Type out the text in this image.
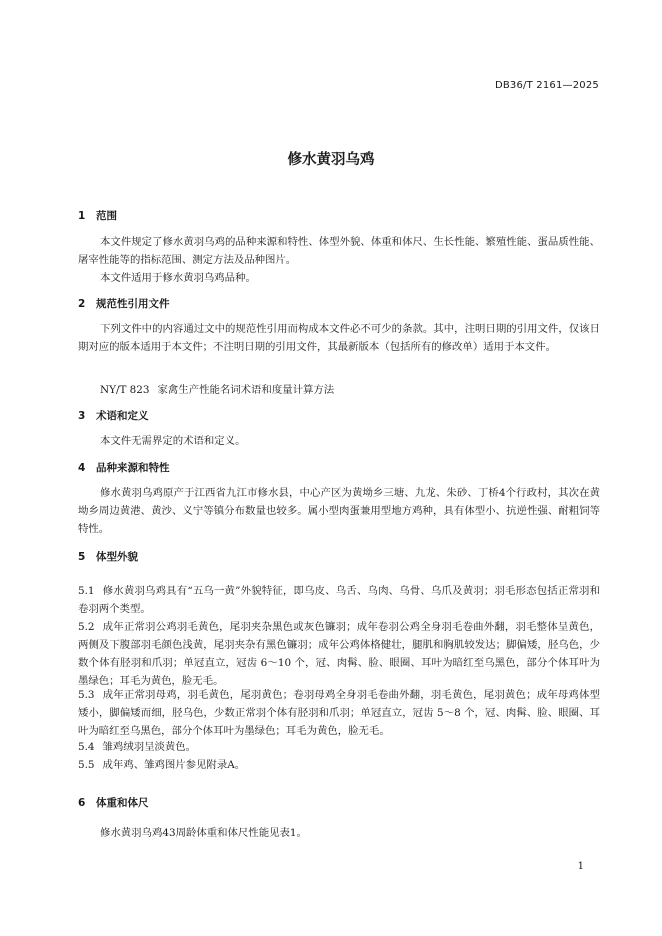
DB36/T 2161—2025
修水黄羽乌鸡
1 范围
本文件规定了修水黄羽乌鸡的品种来源和特性、体型外貌、体重和体尺、生长性能、繁殖性能、蛋品质性能、屠宰性能等的指标范围、测定方法及品种图片。
本文件适用于修水黄羽乌鸡品种。
2 规范性引用文件
下列文件中的内容通过文中的规范性引用而构成本文件必不可少的条款。其中，注明日期的引用文件，仅该日期对应的版本适用于本文件；不注明日期的引用文件，其最新版本（包括所有的修改单）适用于本文件。
NY/T 823 家禽生产性能名词术语和度量计算方法
3 术语和定义
本文件无需界定的术语和定义。
4 品种来源和特性
修水黄羽乌鸡原产于江西省九江市修水县，中心产区为黄坳乡三塘、九龙、朱砂、丁桥4个行政村，其次在黄坳乡周边黄港、黄沙、义宁等镇分布数量也较多。属小型肉蛋兼用型地方鸡种，具有体型小、抗逆性强、耐粗饲等特性。
5 体型外貌
5.1 修水黄羽乌鸡具有“五乌一黄”外貌特征，即乌皮、乌舌、乌肉、乌骨、乌爪及黄羽；羽毛形态包括正常羽和卷羽两个类型。
5.2 成年正常羽公鸡羽毛黄色，尾羽夹杂黑色或灰色镰羽；成年卷羽公鸡全身羽毛卷曲外翻，羽毛整体呈黄色，两侧及下腹部羽毛颜色浅黄，尾羽夹杂有黑色镰羽；成年公鸡体格健壮，腿肌和胸肌较发达；脚偏矮，胫乌色，少数个体有胫羽和爪羽；单冠直立，冠齿 6～10 个，冠、肉髯、脸、眼圈、耳叶为暗红至乌黑色，部分个体耳叶为墨绿色；耳毛为黄色，脸无毛。
5.3 成年正常羽母鸡，羽毛黄色，尾羽黄色；卷羽母鸡全身羽毛卷曲外翻，羽毛黄色，尾羽黄色；成年母鸡体型矮小，脚偏矮而细，胫乌色，少数正常羽个体有胫羽和爪羽；单冠直立，冠齿 5～8 个，冠、肉髯、脸、眼圈、耳叶为暗红至乌黑色，部分个体耳叶为墨绿色；耳毛为黄色，脸无毛。
5.4 雏鸡绒羽呈淡黄色。
5.5 成年鸡、雏鸡图片参见附录A。
6 体重和体尺
修水黄羽乌鸡43周龄体重和体尺性能见表1。
1
